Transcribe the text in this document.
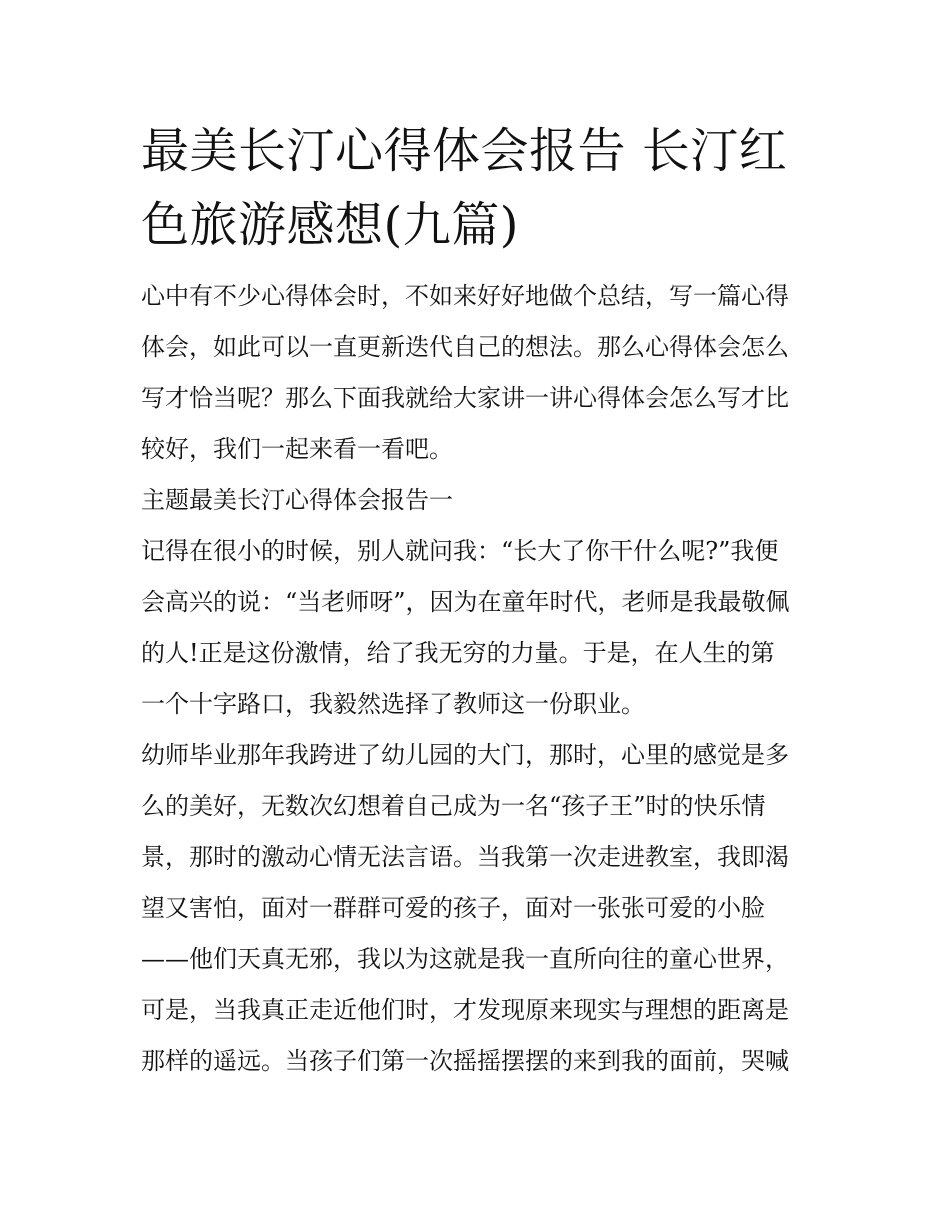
最美长汀心得体会报告 长汀红
色旅游感想(九篇)
心中有不少心得体会时，不如来好好地做个总结，写一篇心得
体会，如此可以一直更新迭代自己的想法。那么心得体会怎么
写才恰当呢？那么下面我就给大家讲一讲心得体会怎么写才比
较好，我们一起来看一看吧。
主题最美长汀心得体会报告一
记得在很小的时候，别人就问我：“长大了你干什么呢?”我便
会高兴的说：“当老师呀”，因为在童年时代，老师是我最敬佩
的人!正是这份激情，给了我无穷的力量。于是，在人生的第
一个十字路口，我毅然选择了教师这一份职业。
幼师毕业那年我跨进了幼儿园的大门，那时，心里的感觉是多
么的美好，无数次幻想着自己成为一名“孩子王”时的快乐情
景，那时的激动心情无法言语。当我第一次走进教室，我即渴
望又害怕，面对一群群可爱的孩子，面对一张张可爱的小脸
——他们天真无邪，我以为这就是我一直所向往的童心世界，
可是，当我真正走近他们时，才发现原来现实与理想的距离是
那样的遥远。当孩子们第一次摇摇摆摆的来到我的面前，哭喊
